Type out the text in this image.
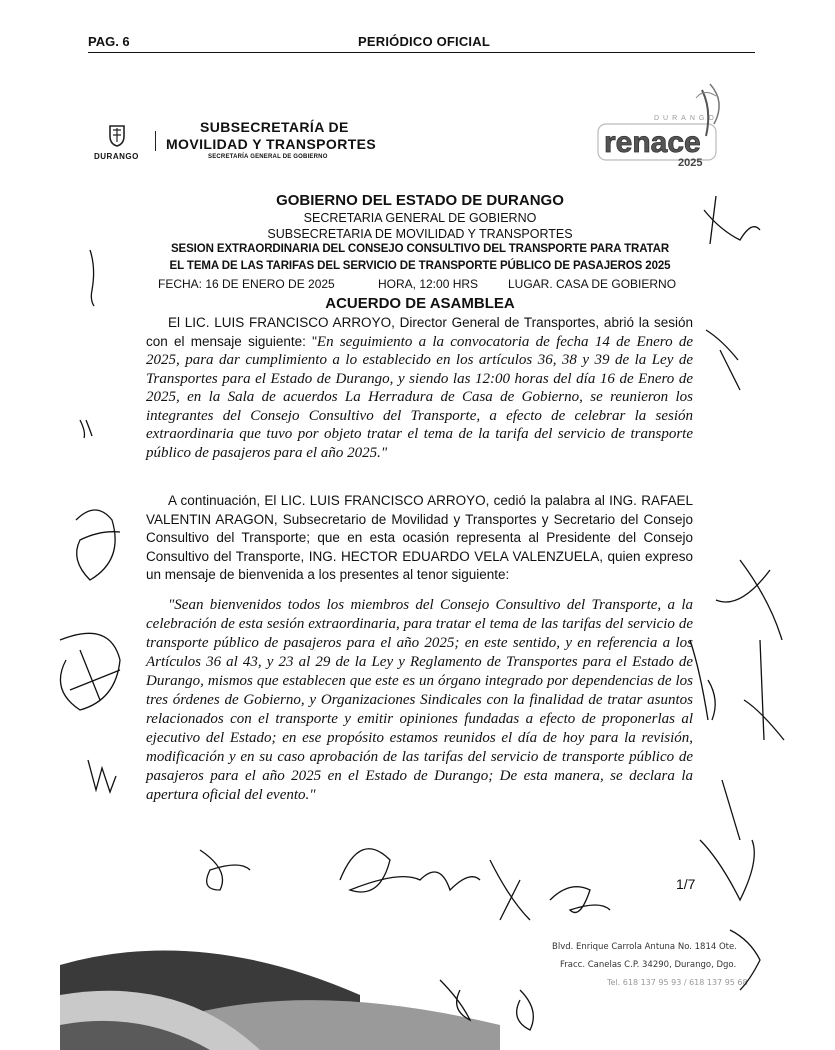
PAG. 6	PERIÓDICO OFICIAL
DURANGO
SUBSECRETARÍA DE
MOVILIDAD Y TRANSPORTES
SECRETARÍA GENERAL DE GOBIERNO
DURANGO
renace
2025
GOBIERNO DEL ESTADO DE DURANGO
SECRETARIA GENERAL DE GOBIERNO
SUBSECRETARIA DE MOVILIDAD Y TRANSPORTES
SESION EXTRAORDINARIA DEL CONSEJO CONSULTIVO DEL TRANSPORTE PARA TRATAR
EL TEMA DE LAS TARIFAS DEL SERVICIO DE TRANSPORTE PÚBLICO DE PASAJEROS 2025
FECHA: 16 DE ENERO DE 2025	HORA, 12:00 HRS LUGAR. CASA DE GOBIERNO
ACUERDO DE ASAMBLEA
El LIC. LUIS FRANCISCO ARROYO, Director General de Transportes, abrió la sesión con el mensaje siguiente: "En seguimiento a la convocatoria de fecha 14 de Enero de 2025, para dar cumplimiento a lo establecido en los artículos 36, 38 y 39 de la Ley de Transportes para el Estado de Durango, y siendo las 12:00 horas del día 16 de Enero de 2025, en la Sala de acuerdos La Herradura de Casa de Gobierno, se reunieron los integrantes del Consejo Consultivo del Transporte, a efecto de celebrar la sesión extraordinaria que tuvo por objeto tratar el tema de la tarifa del servicio de transporte público de pasajeros para el año 2025."
A continuación, El LIC. LUIS FRANCISCO ARROYO, cedió la palabra al ING. RAFAEL VALENTIN ARAGON, Subsecretario de Movilidad y Transportes y Secretario del Consejo Consultivo del Transporte; que en esta ocasión representa al Presidente del Consejo Consultivo del Transporte, ING. HECTOR EDUARDO VELA VALENZUELA, quien expreso un mensaje de bienvenida a los presentes al tenor siguiente:
"Sean bienvenidos todos los miembros del Consejo Consultivo del Transporte, a la celebración de esta sesión extraordinaria, para tratar el tema de las tarifas del servicio de transporte público de pasajeros para el año 2025; en este sentido, y en referencia a los Artículos 36 al 43, y 23 al 29 de la Ley y Reglamento de Transportes para el Estado de Durango, mismos que establecen que este es un órgano integrado por dependencias de los tres órdenes de Gobierno, y Organizaciones Sindicales con la finalidad de tratar asuntos relacionados con el transporte y emitir opiniones fundadas a efecto de proponerlas al ejecutivo del Estado; en ese propósito estamos reunidos el día de hoy para la revisión, modificación y en su caso aprobación de las tarifas del servicio de transporte público de pasajeros para el año 2025 en el Estado de Durango; De esta manera, se declara la apertura oficial del evento."
1/7
Blvd. Enrique Carrola Antuna No. 1814 Ote.
Fracc. Canelas C.P. 34290, Durango, Dgo.
Tel. 618 137 95 93 / 618 137 95 68
